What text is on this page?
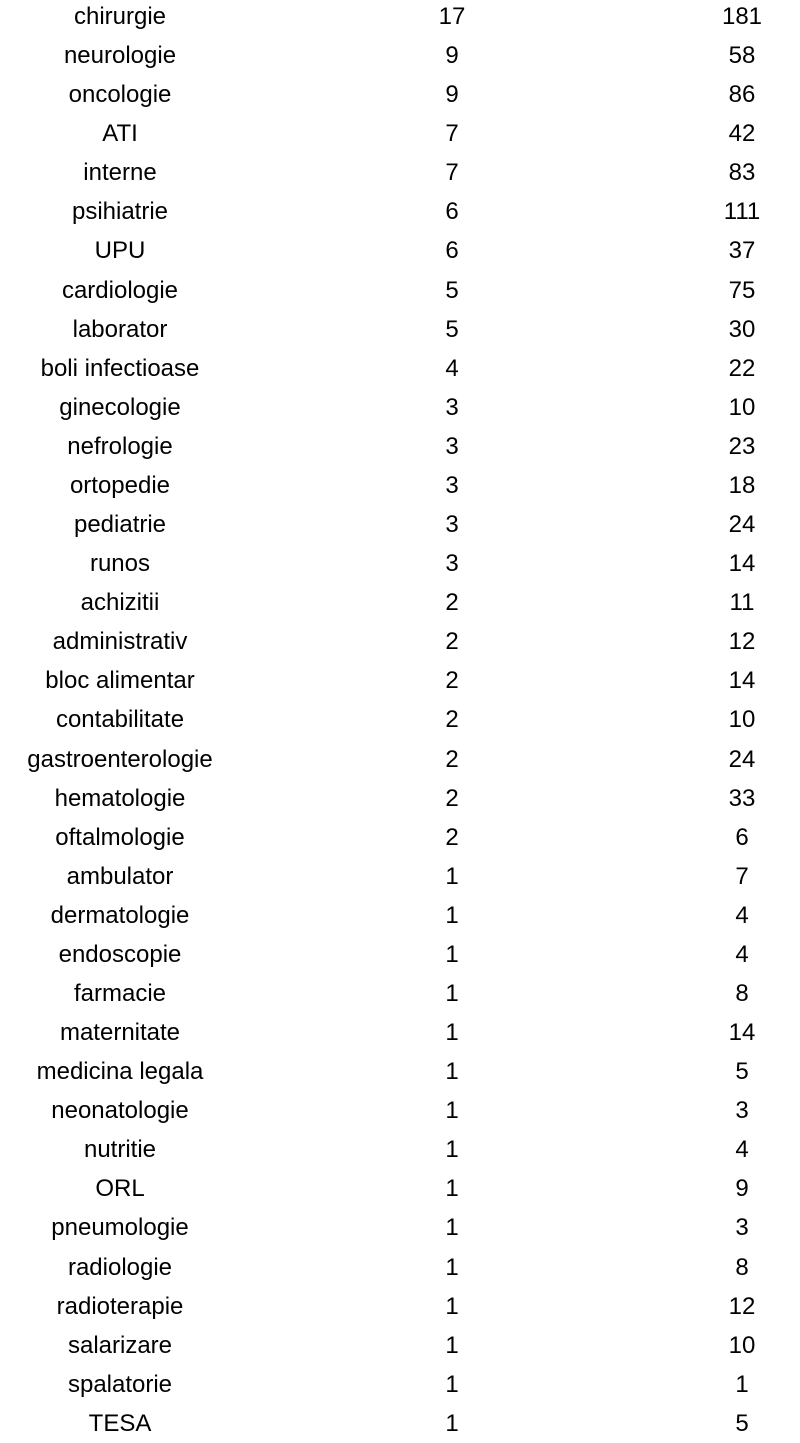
chirurgie	17	181
neurologie	9	58
oncologie	9	86
ATI	7	42
interne	7	83
psihiatrie	6	111
UPU	6	37
cardiologie	5	75
laborator	5	30
boli infectioase	4	22
ginecologie	3	10
nefrologie	3	23
ortopedie	3	18
pediatrie	3	24
runos	3	14
achizitii	2	11
administrativ	2	12
bloc alimentar	2	14
contabilitate	2	10
gastroenterologie	2	24
hematologie	2	33
oftalmologie	2	6
ambulator	1	7
dermatologie	1	4
endoscopie	1	4
farmacie	1	8
maternitate	1	14
medicina legala	1	5
neonatologie	1	3
nutritie	1	4
ORL	1	9
pneumologie	1	3
radiologie	1	8
radioterapie	1	12
salarizare	1	10
spalatorie	1	1
TESA	1	5
